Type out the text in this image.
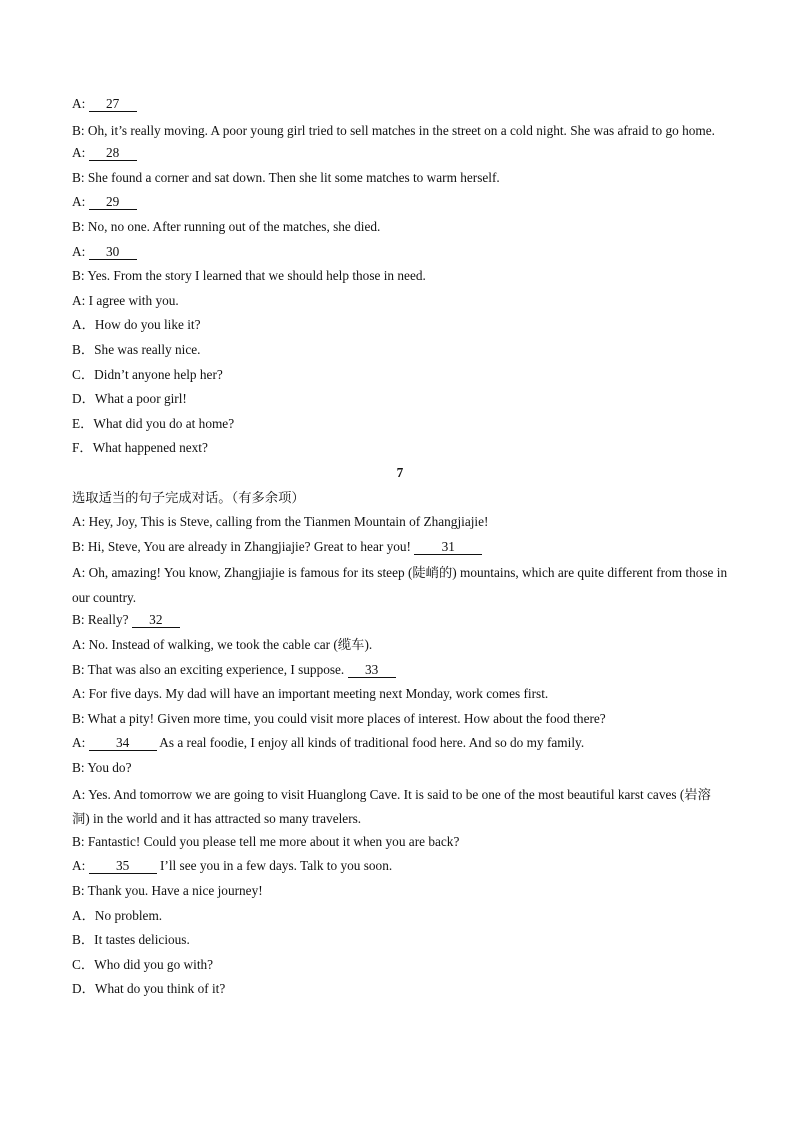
A: 27
B: Oh, it’s really moving. A poor young girl tried to sell matches in the street on a cold night. She was afraid to go home.
A: 28
B: She found a corner and sat down. Then she lit some matches to warm herself.
A: 29
B: No, no one. After running out of the matches, she died.
A: 30
B: Yes. From the story I learned that we should help those in need.
A: I agree with you.
A．How do you like it?
B．She was really nice.
C．Didn’t anyone help her?
D．What a poor girl!
E．What did you do at home?
F．What happened next?
7
选取适当的句子完成对话。（有多余项）
A: Hey, Joy, This is Steve, calling from the Tianmen Mountain of Zhangjiajie!
B: Hi, Steve, You are already in Zhangjiajie? Great to hear you! 31
A: Oh, amazing! You know, Zhangjiajie is famous for its steep (陡峭的) mountains, which are quite different from those in our country.
B: Really? 32
A: No. Instead of walking, we took the cable car (缆车).
B: That was also an exciting experience, I suppose. 33
A: For five days. My dad will have an important meeting next Monday, work comes first.
B: What a pity! Given more time, you could visit more places of interest. How about the food there?
A: 34 As a real foodie, I enjoy all kinds of traditional food here. And so do my family.
B: You do?
A: Yes. And tomorrow we are going to visit Huanglong Cave. It is said to be one of the most beautiful karst caves (岩溶洞) in the world and it has attracted so many travelers.
B: Fantastic! Could you please tell me more about it when you are back?
A: 35 I’ll see you in a few days. Talk to you soon.
B: Thank you. Have a nice journey!
A．No problem.
B．It tastes delicious.
C．Who did you go with?
D．What do you think of it?
